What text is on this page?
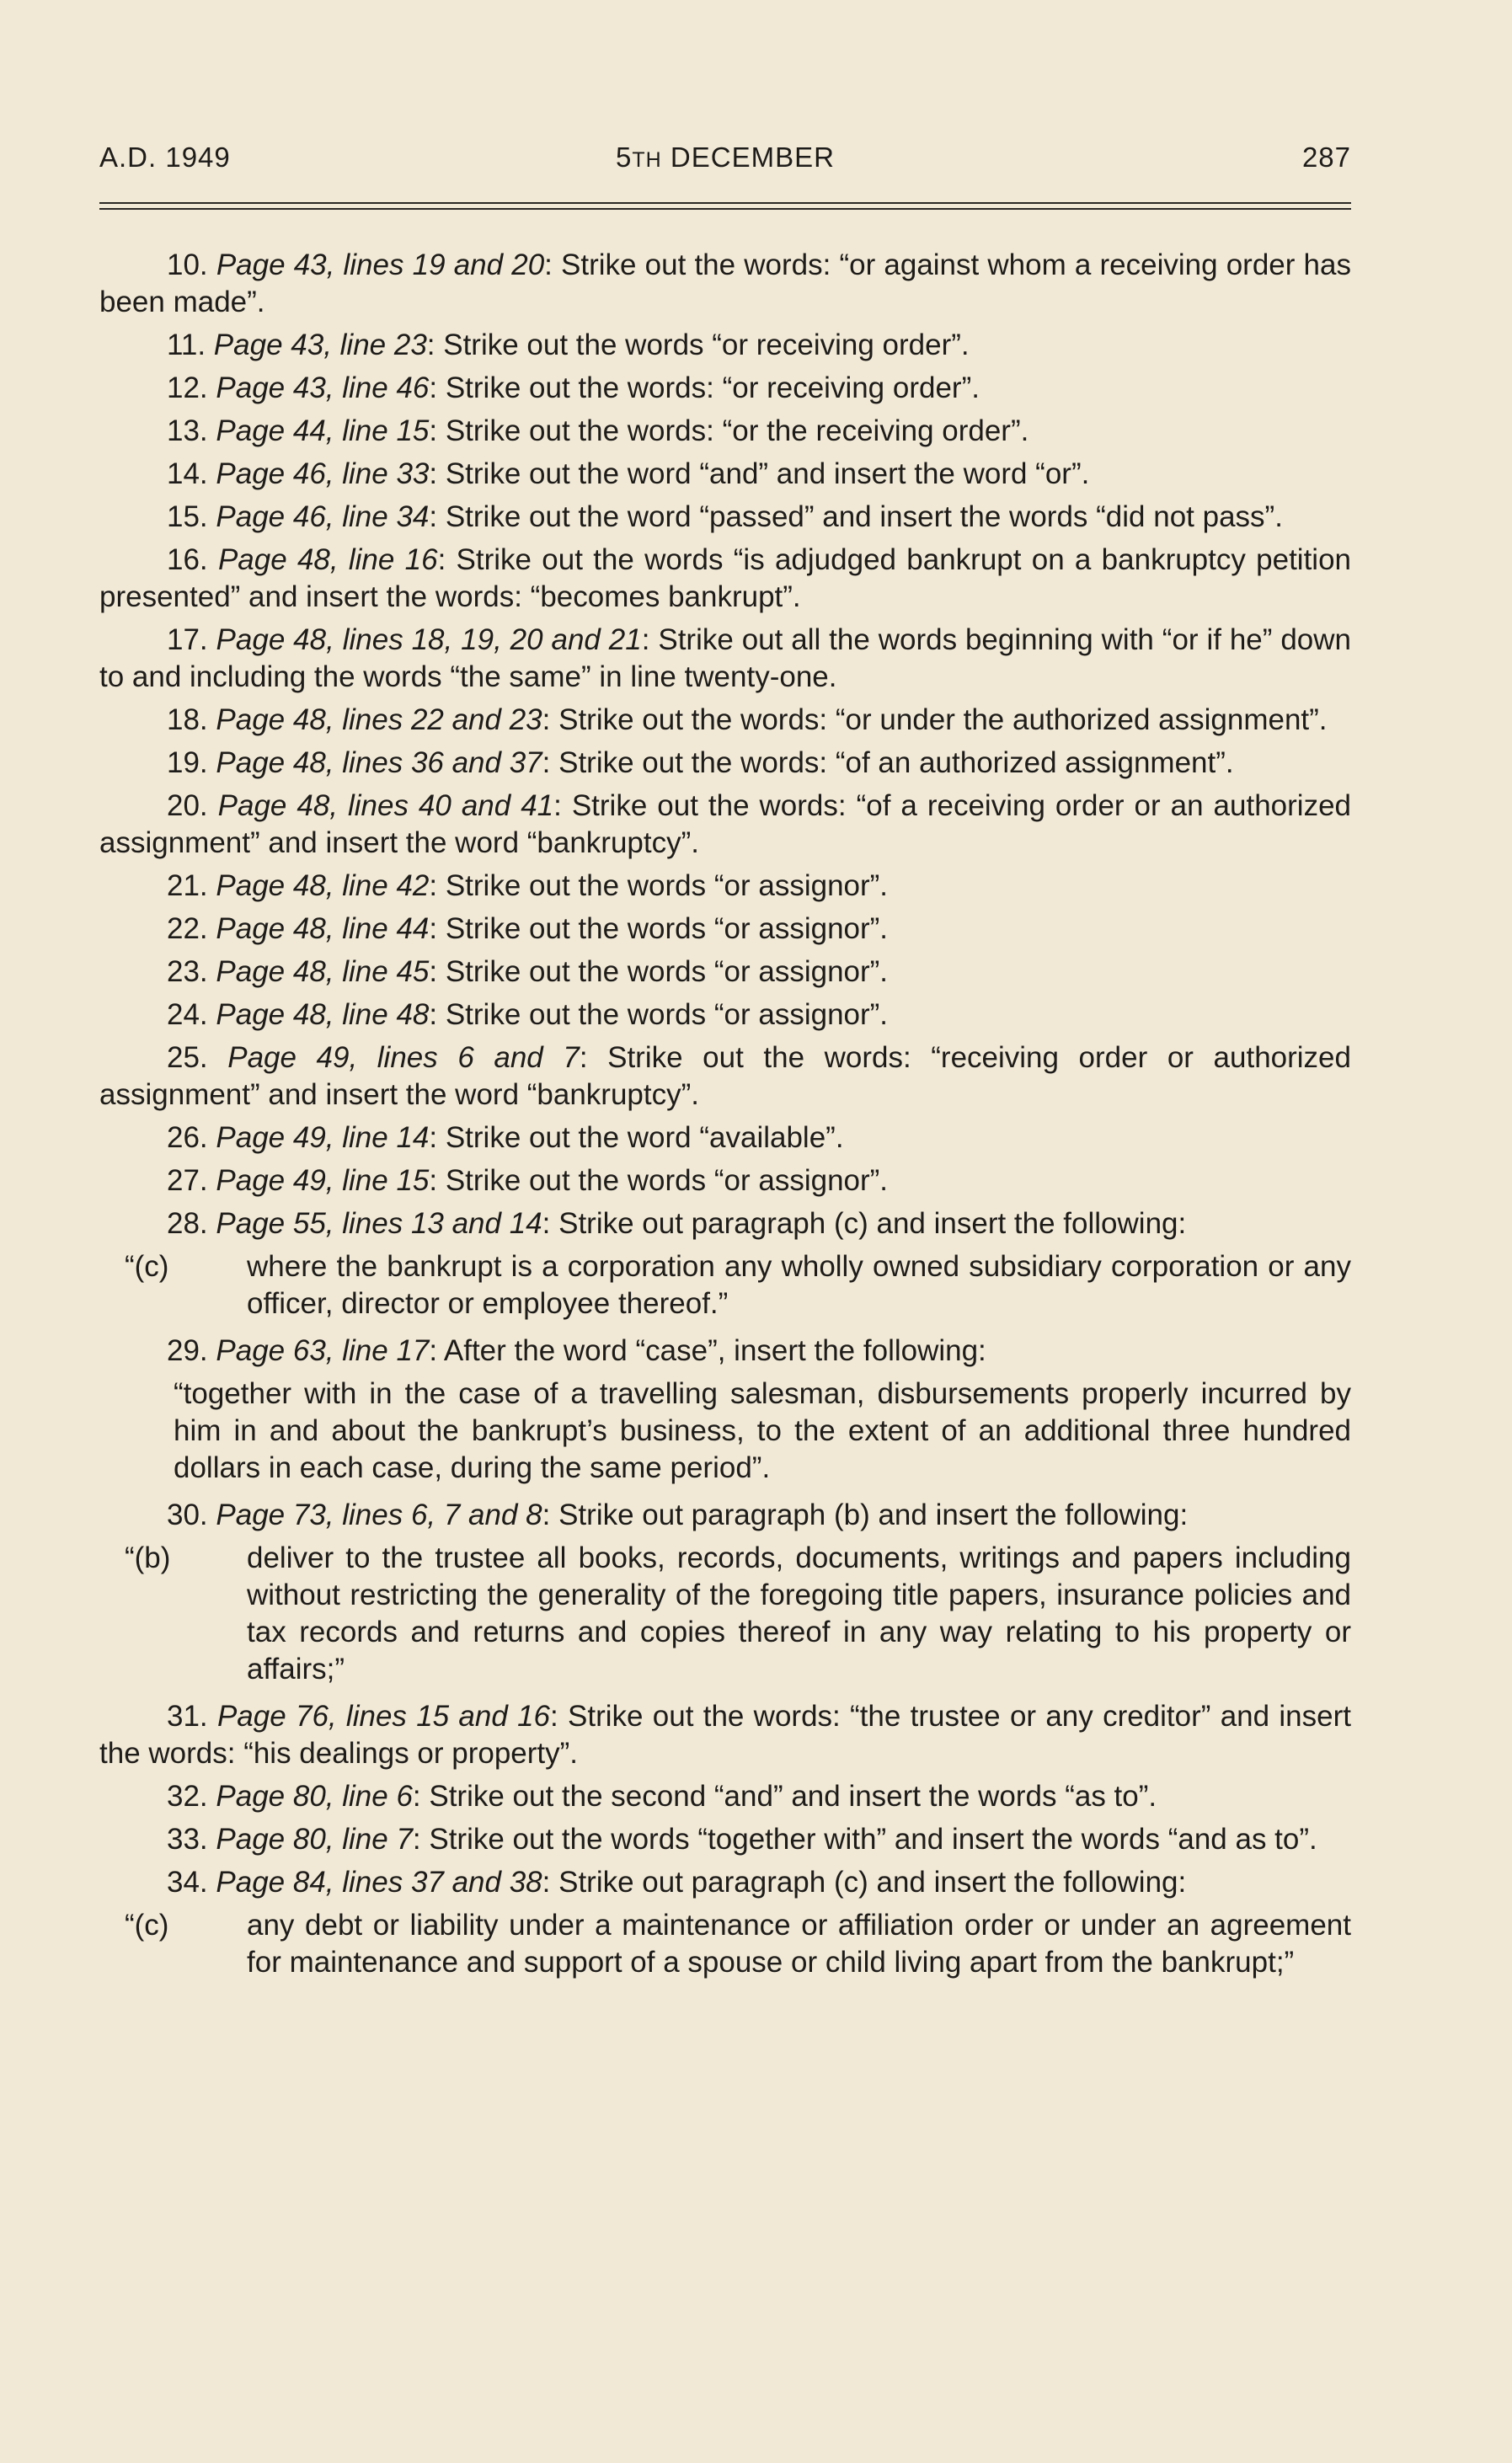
A.D. 1949	5TH DECEMBER	287

10. Page 43, lines 19 and 20: Strike out the words: “or against whom a receiving order has been made”.

11. Page 43, line 23: Strike out the words “or receiving order”.

12. Page 43, line 46: Strike out the words: “or receiving order”.

13. Page 44, line 15: Strike out the words: “or the receiving order”.

14. Page 46, line 33: Strike out the word “and” and insert the word “or”.

15. Page 46, line 34: Strike out the word “passed” and insert the words “did not pass”.

16. Page 48, line 16: Strike out the words “is adjudged bankrupt on a bankruptcy petition presented” and insert the words: “becomes bankrupt”.

17. Page 48, lines 18, 19, 20 and 21: Strike out all the words beginning with “or if he” down to and including the words “the same” in line twenty-one.

18. Page 48, lines 22 and 23: Strike out the words: “or under the authorized assignment”.

19. Page 48, lines 36 and 37: Strike out the words: “of an authorized assignment”.

20. Page 48, lines 40 and 41: Strike out the words: “of a receiving order or an authorized assignment” and insert the word “bankruptcy”.

21. Page 48, line 42: Strike out the words “or assignor”.

22. Page 48, line 44: Strike out the words “or assignor”.

23. Page 48, line 45: Strike out the words “or assignor”.

24. Page 48, line 48: Strike out the words “or assignor”.

25. Page 49, lines 6 and 7: Strike out the words: “receiving order or authorized assignment” and insert the word “bankruptcy”.

26. Page 49, line 14: Strike out the word “available”.

27. Page 49, line 15: Strike out the words “or assignor”.

28. Page 55, lines 13 and 14: Strike out paragraph (c) and insert the following:

“(c)	where the bankrupt is a corporation any wholly owned subsidiary corporation or any officer, director or employee thereof.”

29. Page 63, line 17: After the word “case”, insert the following:

“together with in the case of a travelling salesman, disbursements properly incurred by him in and about the bankrupt’s business, to the extent of an additional three hundred dollars in each case, during the same period”.

30. Page 73, lines 6, 7 and 8: Strike out paragraph (b) and insert the following:

“(b)	deliver to the trustee all books, records, documents, writings and papers including without restricting the generality of the foregoing title papers, insurance policies and tax records and returns and copies thereof in any way relating to his property or affairs;”

31. Page 76, lines 15 and 16: Strike out the words: “the trustee or any creditor” and insert the words: “his dealings or property”.

32. Page 80, line 6: Strike out the second “and” and insert the words “as to”.

33. Page 80, line 7: Strike out the words “together with” and insert the words “and as to”.

34. Page 84, lines 37 and 38: Strike out paragraph (c) and insert the following:

“(c)	any debt or liability under a maintenance or affiliation order or under an agreement for maintenance and support of a spouse or child living apart from the bankrupt;”
